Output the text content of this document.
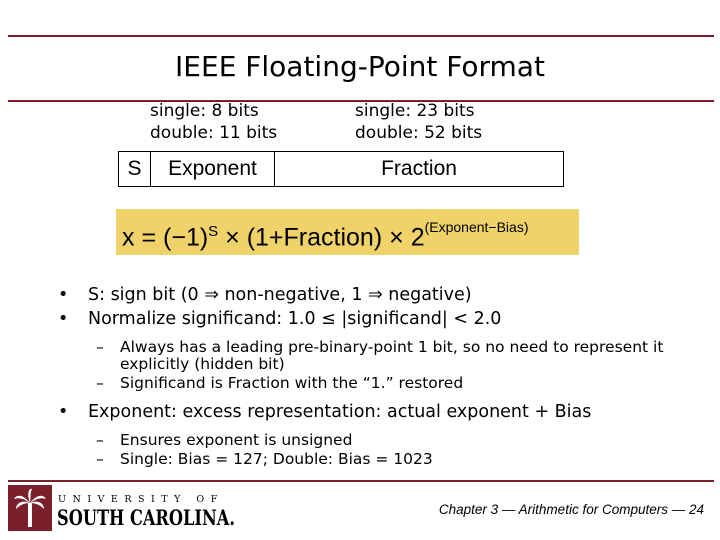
IEEE Floating-Point Format
single: 8 bits
double: 11 bits
single: 23 bits
double: 52 bits
S	Exponent	Fraction
$x = (-1)^S$ × (1+Fraction) × $2^{(Exponent-Bias)}$
• S: sign bit (0 ⇒ non-negative, 1 ⇒ negative)
• Normalize significand: 1.0 ≤ |significand| < 2.0
– Always has a leading pre-binary-point 1 bit, so no need to represent it explicitly (hidden bit)
– Significand is Fraction with the “1.” restored
• Exponent: excess representation: actual exponent + Bias
– Ensures exponent is unsigned
– Single: Bias = 127; Double: Bias = 1023
UNIVERSITY OF
SOUTH CAROLINA.	Chapter 3 — Arithmetic for Computers — 24
